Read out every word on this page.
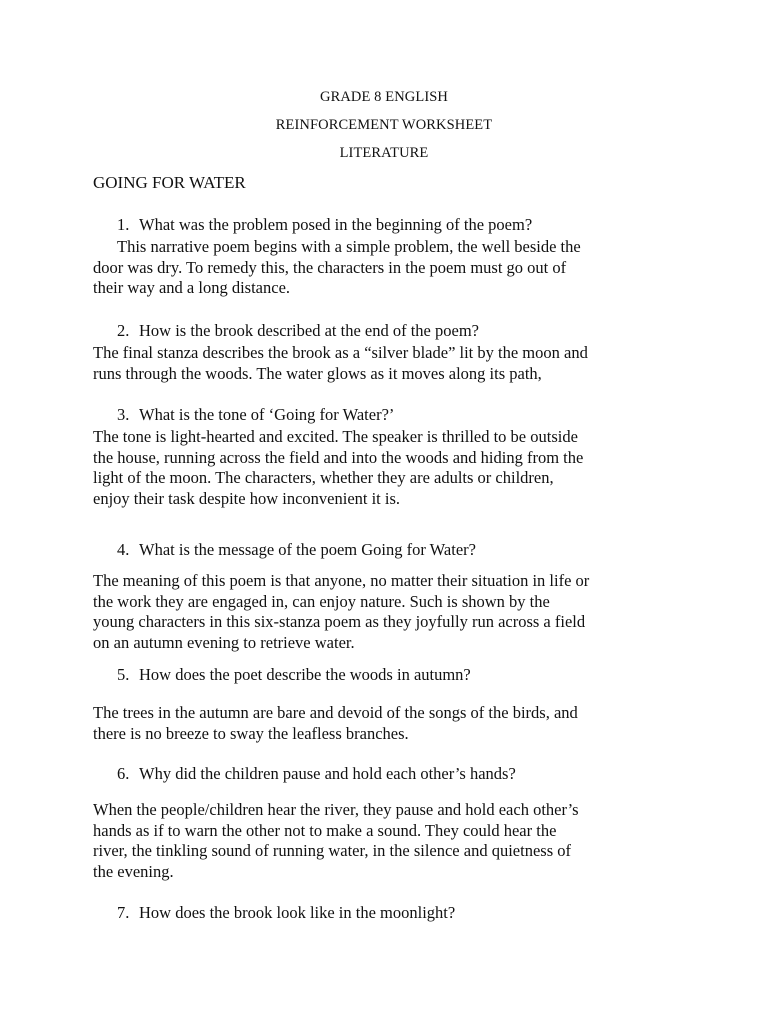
GRADE 8 ENGLISH
REINFORCEMENT WORKSHEET
LITERATURE
GOING FOR WATER
1. What was the problem posed in the beginning of the poem?
This narrative poem begins with a simple problem, the well beside the
door was dry. To remedy this, the characters in the poem must go out of
their way and a long distance.
2. How is the brook described at the end of the poem?
The final stanza describes the brook as a “silver blade” lit by the moon and
runs through the woods. The water glows as it moves along its path,
3. What is the tone of ‘Going for Water?’
The tone is light-hearted and excited. The speaker is thrilled to be outside
the house, running across the field and into the woods and hiding from the
light of the moon. The characters, whether they are adults or children,
enjoy their task despite how inconvenient it is.
4. What is the message of the poem Going for Water?
The meaning of this poem is that anyone, no matter their situation in life or
the work they are engaged in, can enjoy nature. Such is shown by the
young characters in this six-stanza poem as they joyfully run across a field
on an autumn evening to retrieve water.
5. How does the poet describe the woods in autumn?
The trees in the autumn are bare and devoid of the songs of the birds, and
there is no breeze to sway the leafless branches.
6. Why did the children pause and hold each other’s hands?
When the people/children hear the river, they pause and hold each other’s
hands as if to warn the other not to make a sound. They could hear the
river, the tinkling sound of running water, in the silence and quietness of
the evening.
7. How does the brook look like in the moonlight?
